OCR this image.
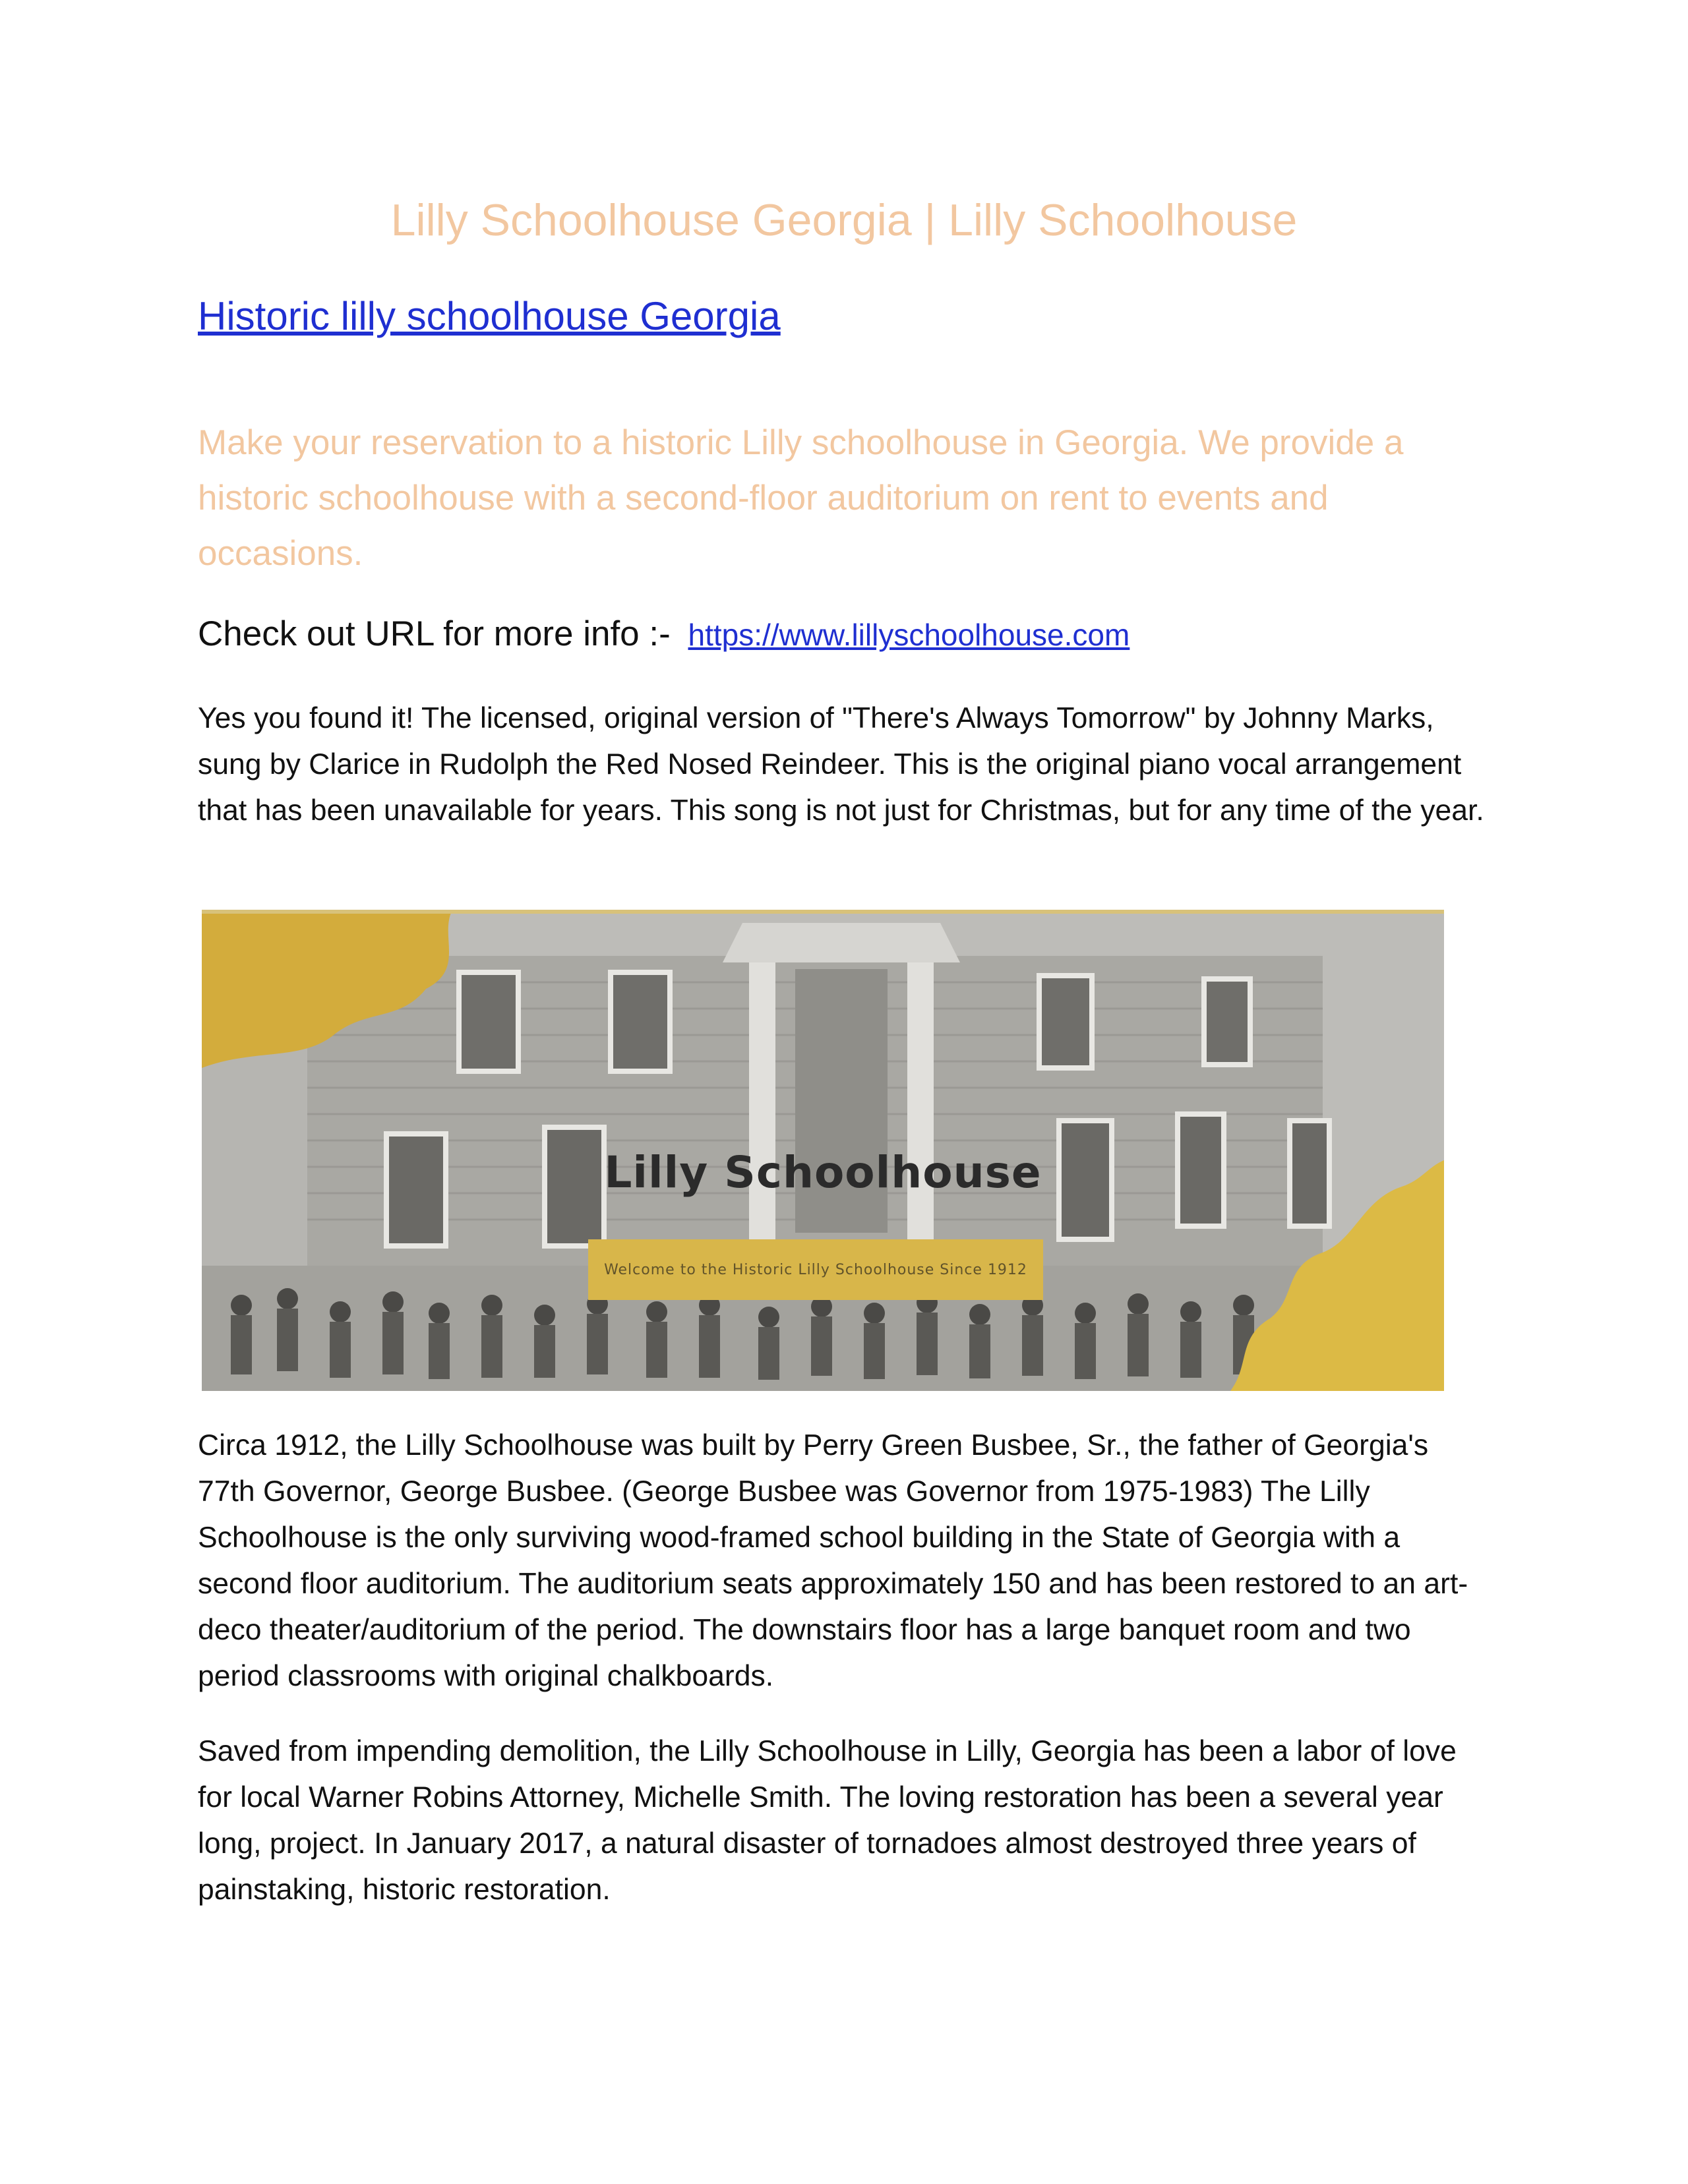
Lilly Schoolhouse Georgia | Lilly Schoolhouse
Historic lilly schoolhouse Georgia

Make your reservation to a historic Lilly schoolhouse in Georgia. We provide a historic schoolhouse with a second-floor auditorium on rent to events and occasions.

Check out URL for more info :- https://www.lillyschoolhouse.com

Yes you found it! The licensed, original version of "There's Always Tomorrow" by Johnny Marks, sung by Clarice in Rudolph the Red Nosed Reindeer. This is the original piano vocal arrangement that has been unavailable for years. This song is not just for Christmas, but for any time of the year.

Lilly Schoolhouse
Welcome to the Historic Lilly Schoolhouse Since 1912

Circa 1912, the Lilly Schoolhouse was built by Perry Green Busbee, Sr., the father of Georgia's 77th Governor, George Busbee. (George Busbee was Governor from 1975-1983) The Lilly Schoolhouse is the only surviving wood-framed school building in the State of Georgia with a second floor auditorium. The auditorium seats approximately 150 and has been restored to an art-deco theater/auditorium of the period. The downstairs floor has a large banquet room and two period classrooms with original chalkboards.

Saved from impending demolition, the Lilly Schoolhouse in Lilly, Georgia has been a labor of love for local Warner Robins Attorney, Michelle Smith. The loving restoration has been a several year long, project. In January 2017, a natural disaster of tornadoes almost destroyed three years of painstaking, historic restoration.
